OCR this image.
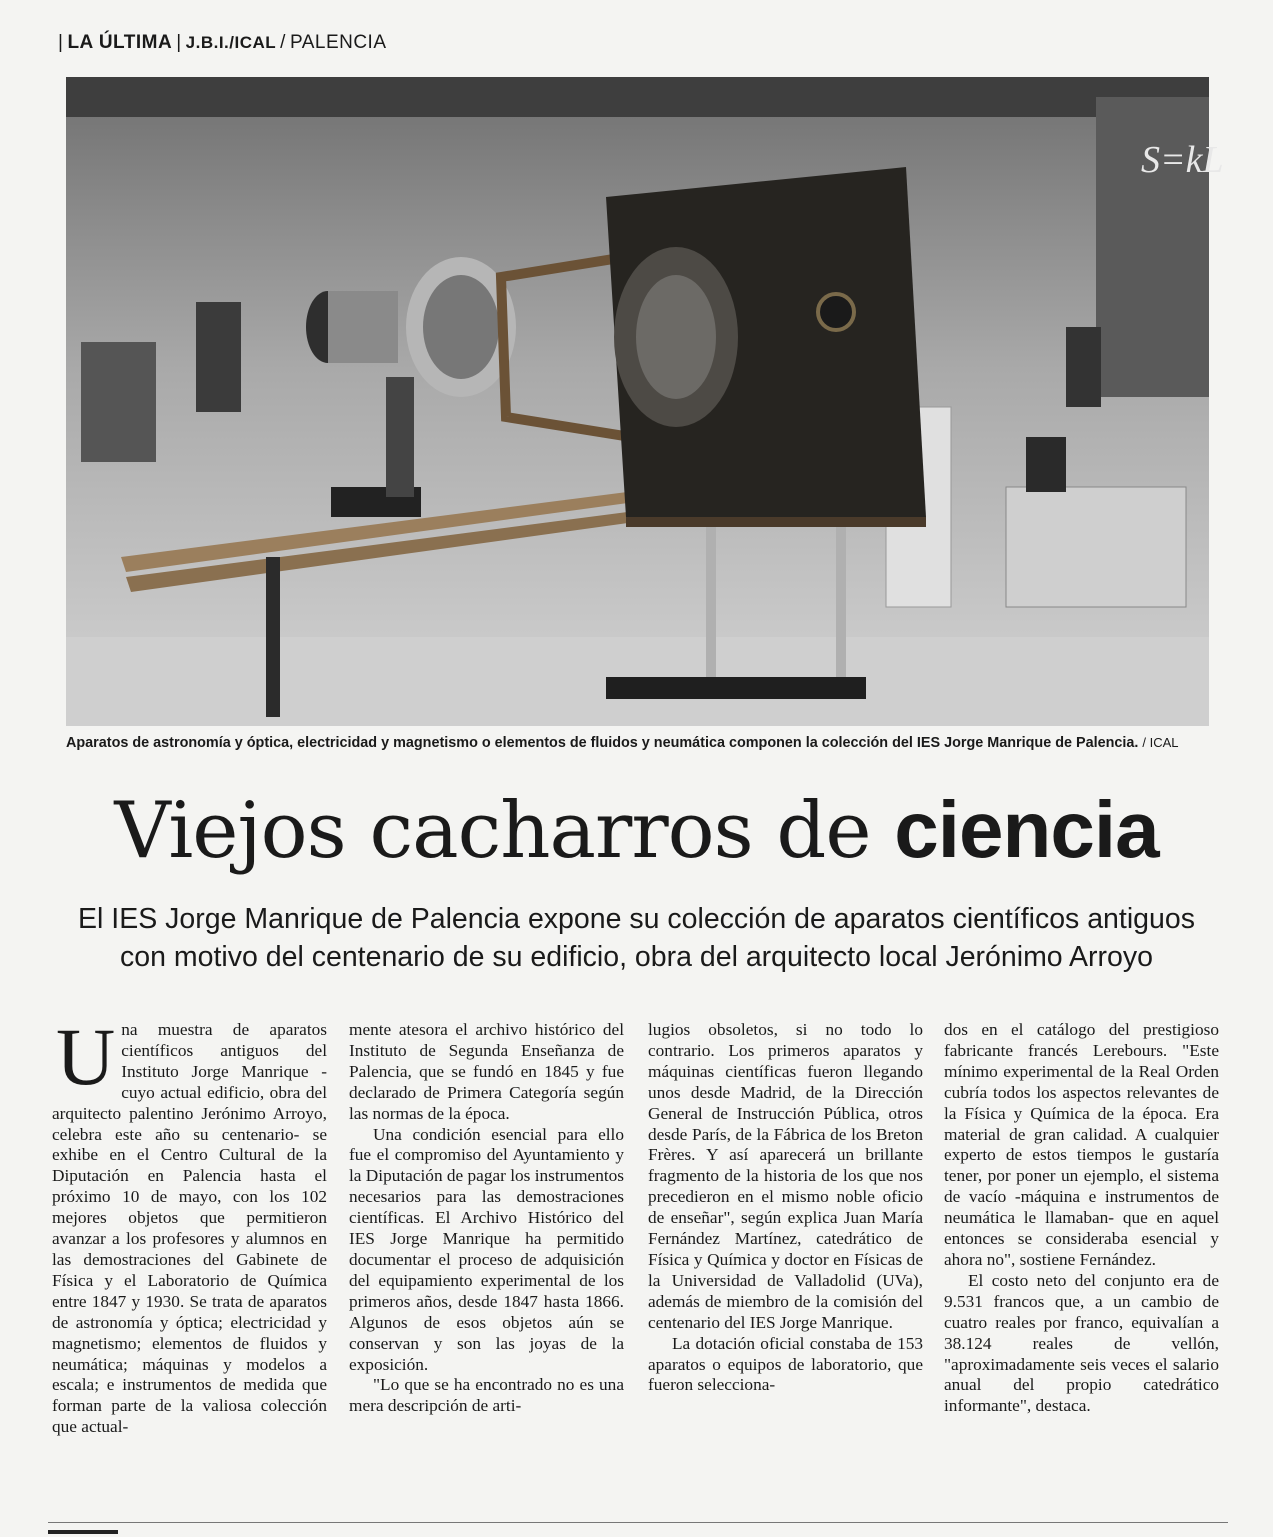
| LA ÚLTIMA | J.B.I./ICAL / PALENCIA
S=kL
Aparatos de astronomía y óptica, electricidad y magnetismo o elementos de fluidos y neumática componen la colección del IES Jorge Manrique de Palencia. / ICAL
Viejos cacharros de ciencia
El IES Jorge Manrique de Palencia expone su colección de aparatos científicos antiguos
con motivo del centenario de su edificio, obra del arquitecto local Jerónimo Arroyo

Una muestra de aparatos científicos antiguos del Instituto Jorge Manrique -cuyo actual edificio, obra del arquitecto palentino Jerónimo Arroyo, celebra este año su centenario- se exhibe en el Centro Cultural de la Diputación en Palencia hasta el próximo 10 de mayo, con los 102 mejores objetos que permitieron avanzar a los profesores y alumnos en las demostraciones del Gabinete de Física y el Laboratorio de Química entre 1847 y 1930. Se trata de aparatos de astronomía y óptica; electricidad y magnetismo; elementos de fluidos y neumática; máquinas y modelos a escala; e instrumentos de medida que forman parte de la valiosa colección que actual-

mente atesora el archivo histórico del Instituto de Segunda Enseñanza de Palencia, que se fundó en 1845 y fue declarado de Primera Categoría según las normas de la época.

Una condición esencial para ello fue el compromiso del Ayuntamiento y la Diputación de pagar los instrumentos necesarios para las demostraciones científicas. El Archivo Histórico del IES Jorge Manrique ha permitido documentar el proceso de adquisición del equipamiento experimental de los primeros años, desde 1847 hasta 1866. Algunos de esos objetos aún se conservan y son las joyas de la exposición.

"Lo que se ha encontrado no es una mera descripción de arti-

lugios obsoletos, si no todo lo contrario. Los primeros aparatos y máquinas científicas fueron llegando unos desde Madrid, de la Dirección General de Instrucción Pública, otros desde París, de la Fábrica de los Breton Frères. Y así aparecerá un brillante fragmento de la historia de los que nos precedieron en el mismo noble oficio de enseñar", según explica Juan María Fernández Martínez, catedrático de Física y Química y doctor en Físicas de la Universidad de Valladolid (UVa), además de miembro de la comisión del centenario del IES Jorge Manrique.

La dotación oficial constaba de 153 aparatos o equipos de laboratorio, que fueron selecciona-

dos en el catálogo del prestigioso fabricante francés Lerebours. "Este mínimo experimental de la Real Orden cubría todos los aspectos relevantes de la Física y Química de la época. Era material de gran calidad. A cualquier experto de estos tiempos le gustaría tener, por poner un ejemplo, el sistema de vacío -máquina e instrumentos de neumática le llamaban- que en aquel entonces se consideraba esencial y ahora no", sostiene Fernández.

El costo neto del conjunto era de 9.531 francos que, a un cambio de cuatro reales por franco, equivalían a 38.124 reales de vellón, "aproximadamente seis veces el salario anual del propio catedrático informante", destaca.
